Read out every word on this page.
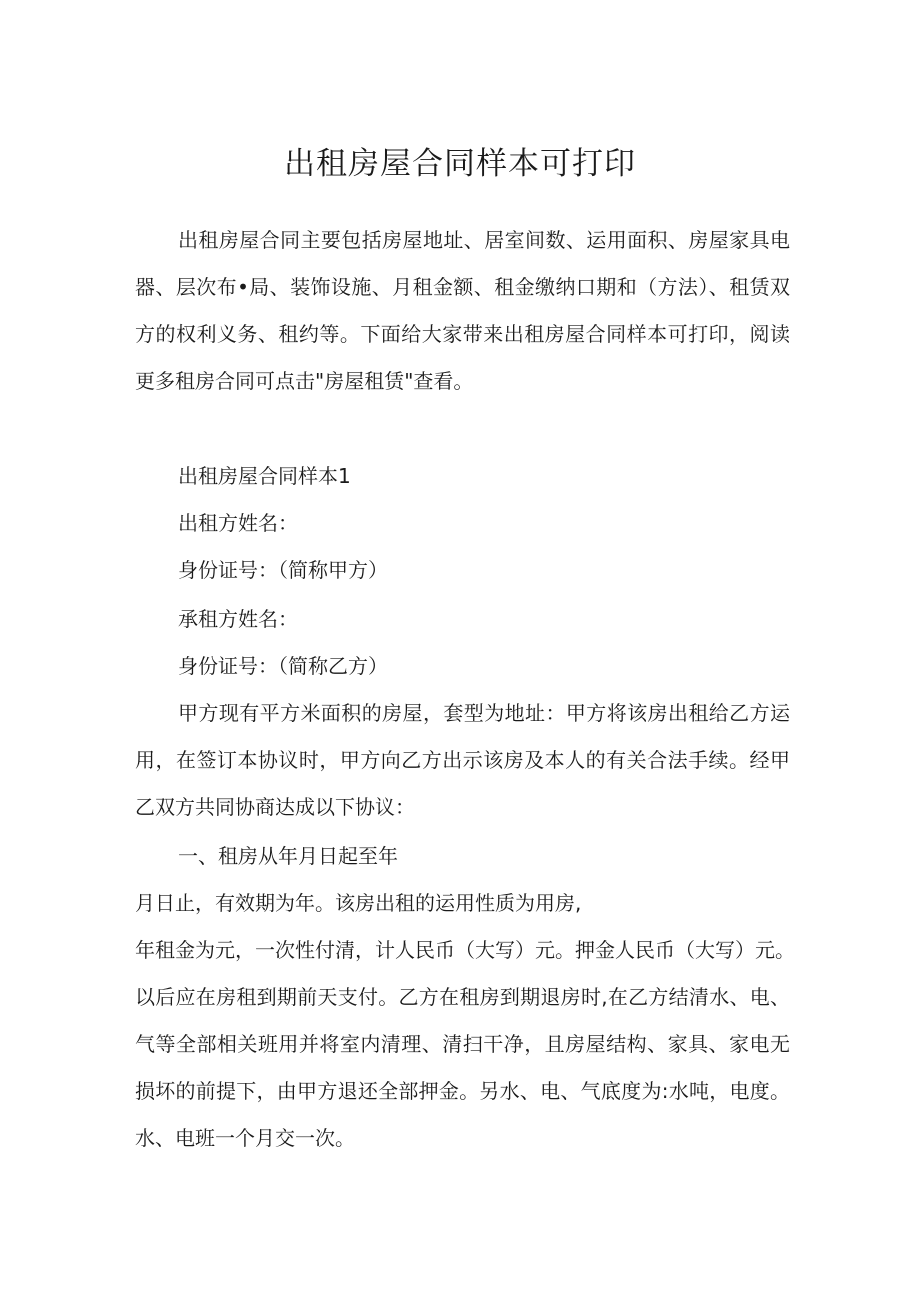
出租房屋合同样本可打印

出租房屋合同主要包括房屋地址、居室间数、运用面积、房屋家具电器、层次布•局、装饰设施、月租金额、租金缴纳口期和（方法）、租赁双方的权利义务、租约等。下面给大家带来出租房屋合同样本可打印，阅读更多租房合同可点击"房屋租赁"查看。

出租房屋合同样本1

出租方姓名：

身份证号：（简称甲方）

承租方姓名：

身份证号：（简称乙方）

甲方现有平方米面积的房屋，套型为地址：甲方将该房出租给乙方运用，在签订本协议时，甲方向乙方出示该房及本人的有关合法手续。经甲乙双方共同协商达成以下协议：

一、租房从年月日起至年

月日止，有效期为年。该房出租的运用性质为用房,

年租金为元，一次性付清，计人民币（大写）元。押金人民币（大写）元。

以后应在房租到期前天支付。乙方在租房到期退房时,在乙方结清水、电、气等全部相关班用并将室内清理、清扫干净，且房屋结构、家具、家电无损坏的前提下，由甲方退还全部押金。另水、电、气底度为:水吨，电度。水、电班一个月交一次。
